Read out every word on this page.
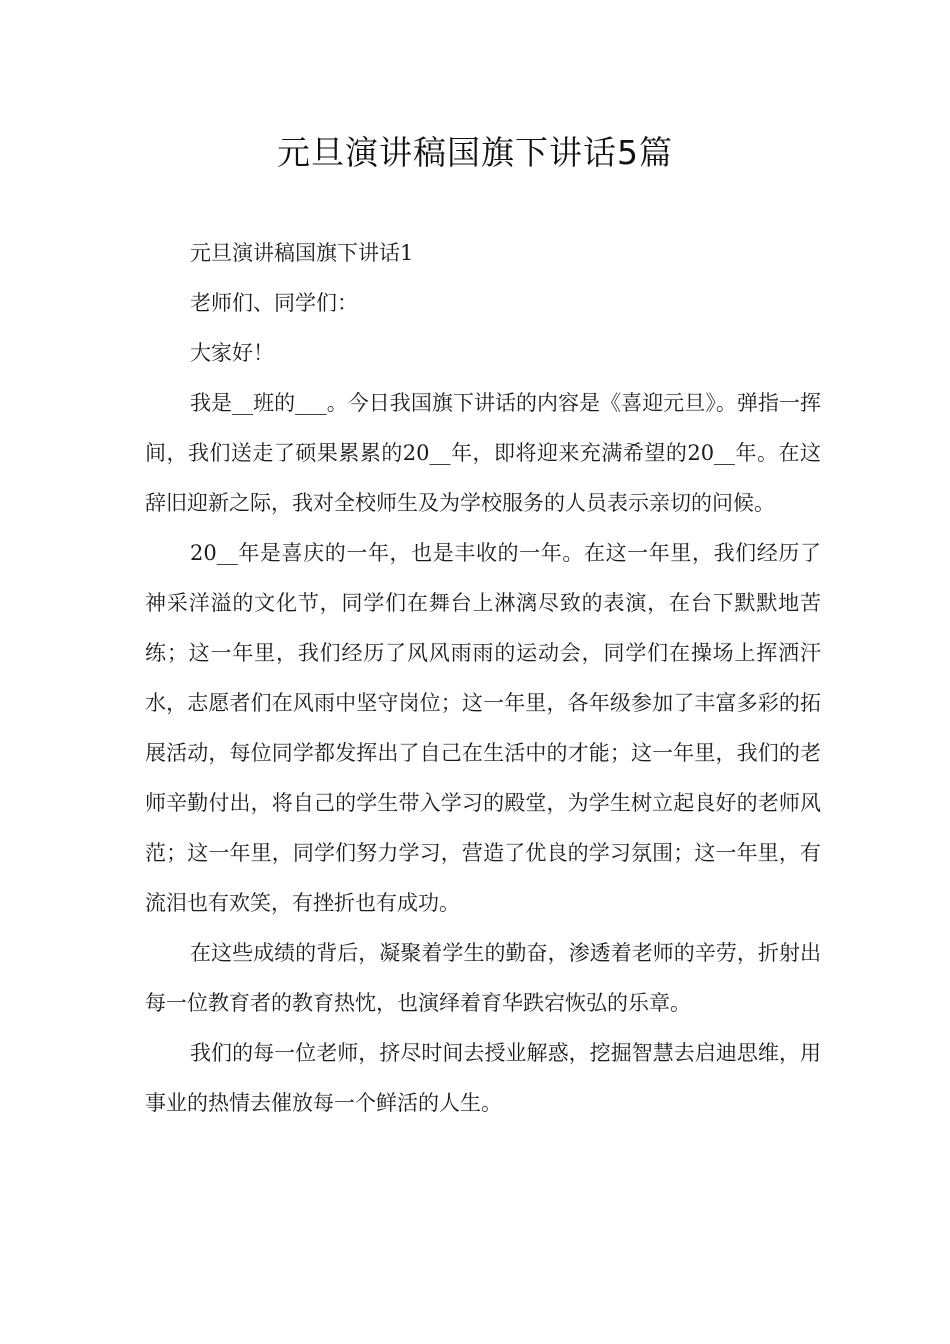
元旦演讲稿国旗下讲话5篇

元旦演讲稿国旗下讲话1

老师们、同学们：

大家好！

我是__班的___。今日我国旗下讲话的内容是《喜迎元旦》。弹指一挥间，我们送走了硕果累累的20__年，即将迎来充满希望的20__年。在这辞旧迎新之际，我对全校师生及为学校服务的人员表示亲切的问候。

20__年是喜庆的一年，也是丰收的一年。在这一年里，我们经历了神采洋溢的文化节，同学们在舞台上淋漓尽致的表演，在台下默默地苦练；这一年里，我们经历了风风雨雨的运动会，同学们在操场上挥洒汗水，志愿者们在风雨中坚守岗位；这一年里，各年级参加了丰富多彩的拓展活动，每位同学都发挥出了自己在生活中的才能；这一年里，我们的老师辛勤付出，将自己的学生带入学习的殿堂，为学生树立起良好的老师风范；这一年里，同学们努力学习，营造了优良的学习氛围；这一年里，有流泪也有欢笑，有挫折也有成功。

在这些成绩的背后，凝聚着学生的勤奋，渗透着老师的辛劳，折射出每一位教育者的教育热忱，也演绎着育华跌宕恢弘的乐章。

我们的每一位老师，挤尽时间去授业解惑，挖掘智慧去启迪思维，用事业的热情去催放每一个鲜活的人生。
